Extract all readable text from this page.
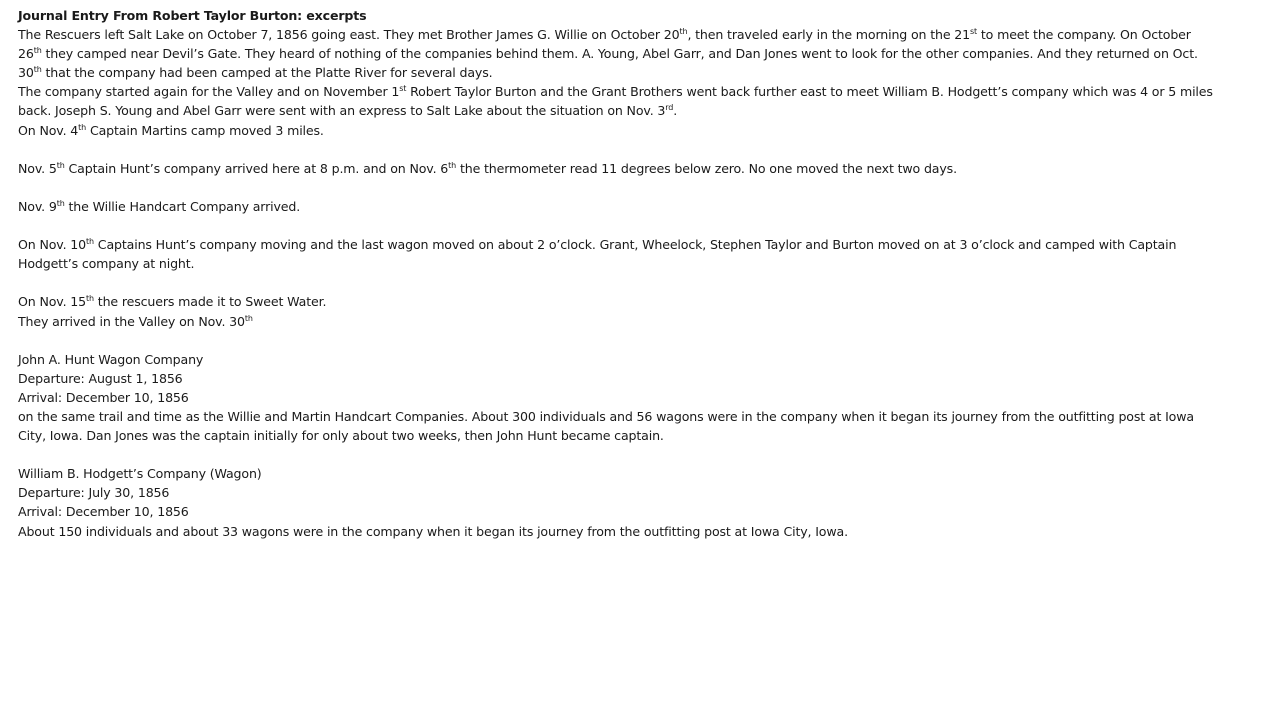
Journal Entry From Robert Taylor Burton: excerpts
The Rescuers left Salt Lake on October 7, 1856 going east. They met Brother James G. Willie on October 20th, then traveled early in the morning on the 21st to meet the company. On October
26th they camped near Devil’s Gate. They heard of nothing of the companies behind them. A. Young, Abel Garr, and Dan Jones went to look for the other companies. And they returned on Oct.
30th that the company had been camped at the Platte River for several days.
The company started again for the Valley and on November 1st Robert Taylor Burton and the Grant Brothers went back further east to meet William B. Hodgett’s company which was 4 or 5 miles
back. Joseph S. Young and Abel Garr were sent with an express to Salt Lake about the situation on Nov. 3rd.
On Nov. 4th Captain Martins camp moved 3 miles.
Nov. 5th Captain Hunt’s company arrived here at 8 p.m. and on Nov. 6th the thermometer read 11 degrees below zero. No one moved the next two days.
Nov. 9th the Willie Handcart Company arrived.
On Nov. 10th Captains Hunt’s company moving and the last wagon moved on about 2 o’clock. Grant, Wheelock, Stephen Taylor and Burton moved on at 3 o’clock and camped with Captain
Hodgett’s company at night.
On Nov. 15th the rescuers made it to Sweet Water.
They arrived in the Valley on Nov. 30th
John A. Hunt Wagon Company
Departure: August 1, 1856
Arrival: December 10, 1856
on the same trail and time as the Willie and Martin Handcart Companies. About 300 individuals and 56 wagons were in the company when it began its journey from the outfitting post at Iowa
City, Iowa. Dan Jones was the captain initially for only about two weeks, then John Hunt became captain.
William B. Hodgett’s Company (Wagon)
Departure: July 30, 1856
Arrival: December 10, 1856
About 150 individuals and about 33 wagons were in the company when it began its journey from the outfitting post at Iowa City, Iowa.
